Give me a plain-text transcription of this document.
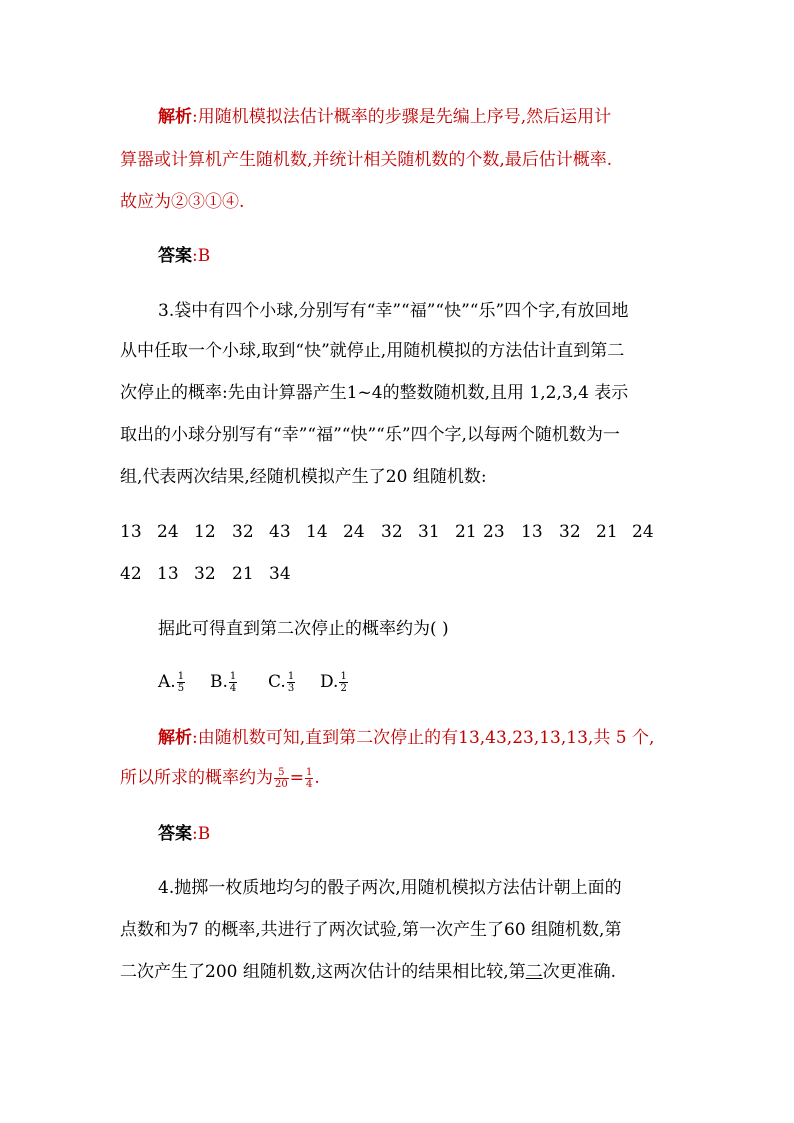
解析:用随机模拟法估计概率的步骤是先编上序号,然后运用计
算器或计算机产生随机数,并统计相关随机数的个数,最后估计概率.
故应为②③①④.
答案:B
3.袋中有四个小球,分别写有“幸”“福”“快”“乐”四个字,有放回地
从中任取一个小球,取到“快”就停止,用随机模拟的方法估计直到第二
次停止的概率:先由计算器产生1~4的整数随机数,且用 1,2,3,4 表示
取出的小球分别写有“幸”“福”“快”“乐”四个字,以每两个随机数为一
组,代表两次结果,经随机模拟产生了20 组随机数:
13 24 12 32 43 14 24 32 31 21 23 13 32 21 24
42 13 32 21 34
据此可得直到第二次停止的概率约为( )
A. $\frac{1}{5} B$. $\frac{1}{4} C$. $\frac{1}{3} D$. $\frac{1}{2}$
解析:由随机数可知,直到第二次停止的有13,43,23,13,13,共 5 个,
所以所求的概率约为 $\frac{5}{20} = \frac{1}{4}$ .
答案:B
4.抛掷一枚质地均匀的骰子两次,用随机模拟方法估计朝上面的
点数和为7 的概率,共进行了两次试验,第一次产生了60 组随机数,第
二次产生了200 组随机数,这两次估计的结果相比较,第二次更准确.
